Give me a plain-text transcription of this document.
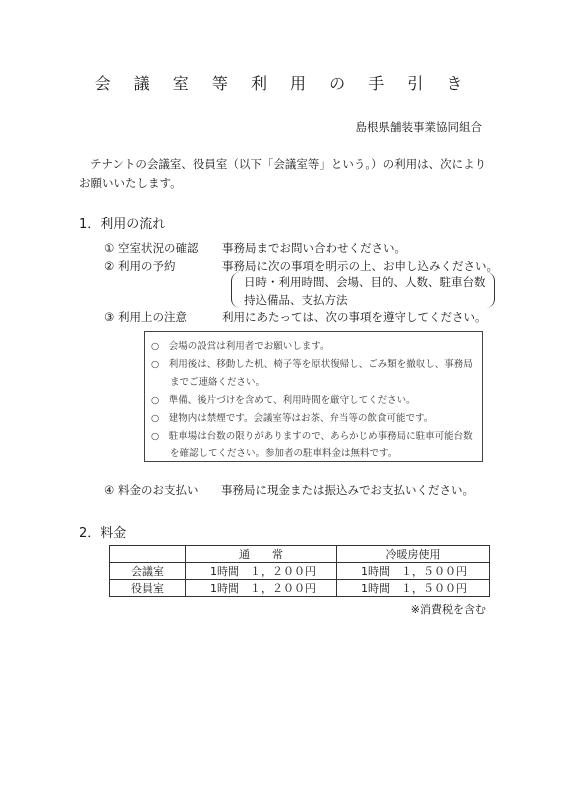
会 議 室 等 利 用 の 手 引 き
島根県舗装事業協同組合
テナントの会議室、役員室（以下「会議室等」という。）の利用は、次により
お願いいたします。
1．利用の流れ
① 空室状況の確認 事務局までお問い合わせください。
② 利用の予約	事務局に次の事項を明示の上、お申し込みください。
日時・利用時間、会場、目的、人数、駐車台数
持込備品、支払方法
③ 利用上の注意	利用にあたっては、次の事項を遵守してください。
○　会場の設営は利用者でお願いします。
○　利用後は、移動した机、椅子等を原状復帰し、ごみ類を撤収し、事務局
　　までご連絡ください。
○　準備、後片づけを含めて、利用時間を厳守してください。
○　建物内は禁煙です。会議室等はお茶、弁当等の飲食可能です。
○　駐車場は台数の限りがありますので、あらかじめ事務局に駐車可能台数
　　を確認してください。参加者の駐車料金は無料です。
④ 料金のお支払い 事務局に現金または振込みでお支払いください。
2．料金
	通　　常	冷暖房使用
会議室	1時間　１，２００円	1時間　１，５００円
役員室	1時間　１，２００円	1時間　１，５００円
※消費税を含む
